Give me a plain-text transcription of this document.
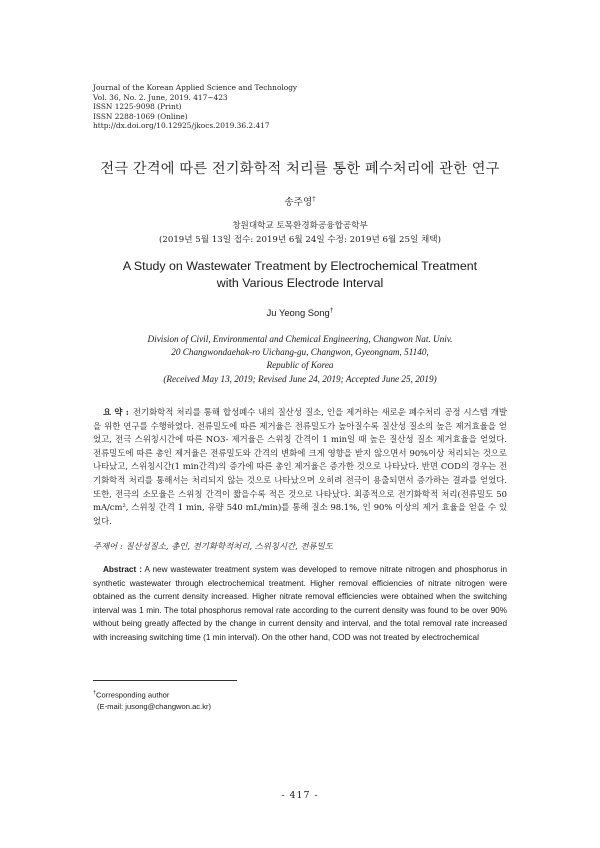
Journal of the Korean Applied Science and Technology
Vol. 36, No. 2. June, 2019. 417~423
ISSN 1225-9098 (Print)
ISSN 2288-1069 (Online)
http://dx.doi.org/10.12925/jkocs.2019.36.2.417
전극 간격에 따른 전기화학적 처리를 통한 폐수처리에 관한 연구
송주영†
창원대학교 토목환경화공융합공학부
(2019년 5월 13일 접수: 2019년 6월 24일 수정: 2019년 6월 25일 채택)
A Study on Wastewater Treatment by Electrochemical Treatment
with Various Electrode Interval
Ju Yeong Song†
Division of Civil, Environmental and Chemical Engineering, Changwon Nat. Univ.
20 Changwondaehak-ro Uichang-gu, Changwon, Gyeongnam, 51140,
Republic of Korea
(Received May 13, 2019; Revised June 24, 2019; Accepted June 25, 2019)
요 약 : 전기화학적 처리를 통해 합성폐수 내의 질산성 질소, 인을 제거하는 새로운 폐수처리 공정 시스템 개발을 위한 연구를 수행하였다. 전류밀도에 따른 제거율은 전류밀도가 높아질수록 질산성 질소의 높은 제거효율을 얻었고, 전극 스위칭시간에 따른 NO3- 제거율은 스위칭 간격이 1 min일 때 높은 질산성 질소 제거효율을 얻었다. 전류밀도에 따른 총인 제거율은 전류밀도와 간격의 변화에 크게 영향을 받지 않으면서 90%이상 처리되는 것으로 나타났고, 스위칭시간(1 min간격)의 증가에 따른 총인 제거율은 증가한 것으로 나타났다. 반면 COD의 경우는 전기화학적 처리를 통해서는 처리되지 않는 것으로 나타났으며 오히려 전극이 용출되면서 증가하는 결과를 얻었다. 또한, 전극의 소모율은 스위칭 간격이 짧을수록 적은 것으로 나타났다. 최종적으로 전기화학적 처리(전류밀도 50 mA/cm², 스위칭 간격 1 min, 유량 540 mL/min)를 통해 질소 98.1%, 인 90% 이상의 제거 효율을 얻을 수 있었다.
주제어 : 질산성질소, 총인, 전기화학적처리, 스위칭시간, 전류밀도
Abstract : A new wastewater treatment system was developed to remove nitrate nitrogen and phosphorus in synthetic wastewater through electrochemical treatment. Higher removal efficiencies of nitrate nitrogen were obtained as the current density increased. Higher nitrate removal efficiencies were obtained when the switching interval was 1 min. The total phosphorus removal rate according to the current density was found to be over 90% without being greatly affected by the change in current density and interval, and the total removal rate increased with increasing switching time (1 min interval). On the other hand, COD was not treated by electrochemical
†Corresponding author
(E-mail: jusong@changwon.ac.kr)
- 417 -
